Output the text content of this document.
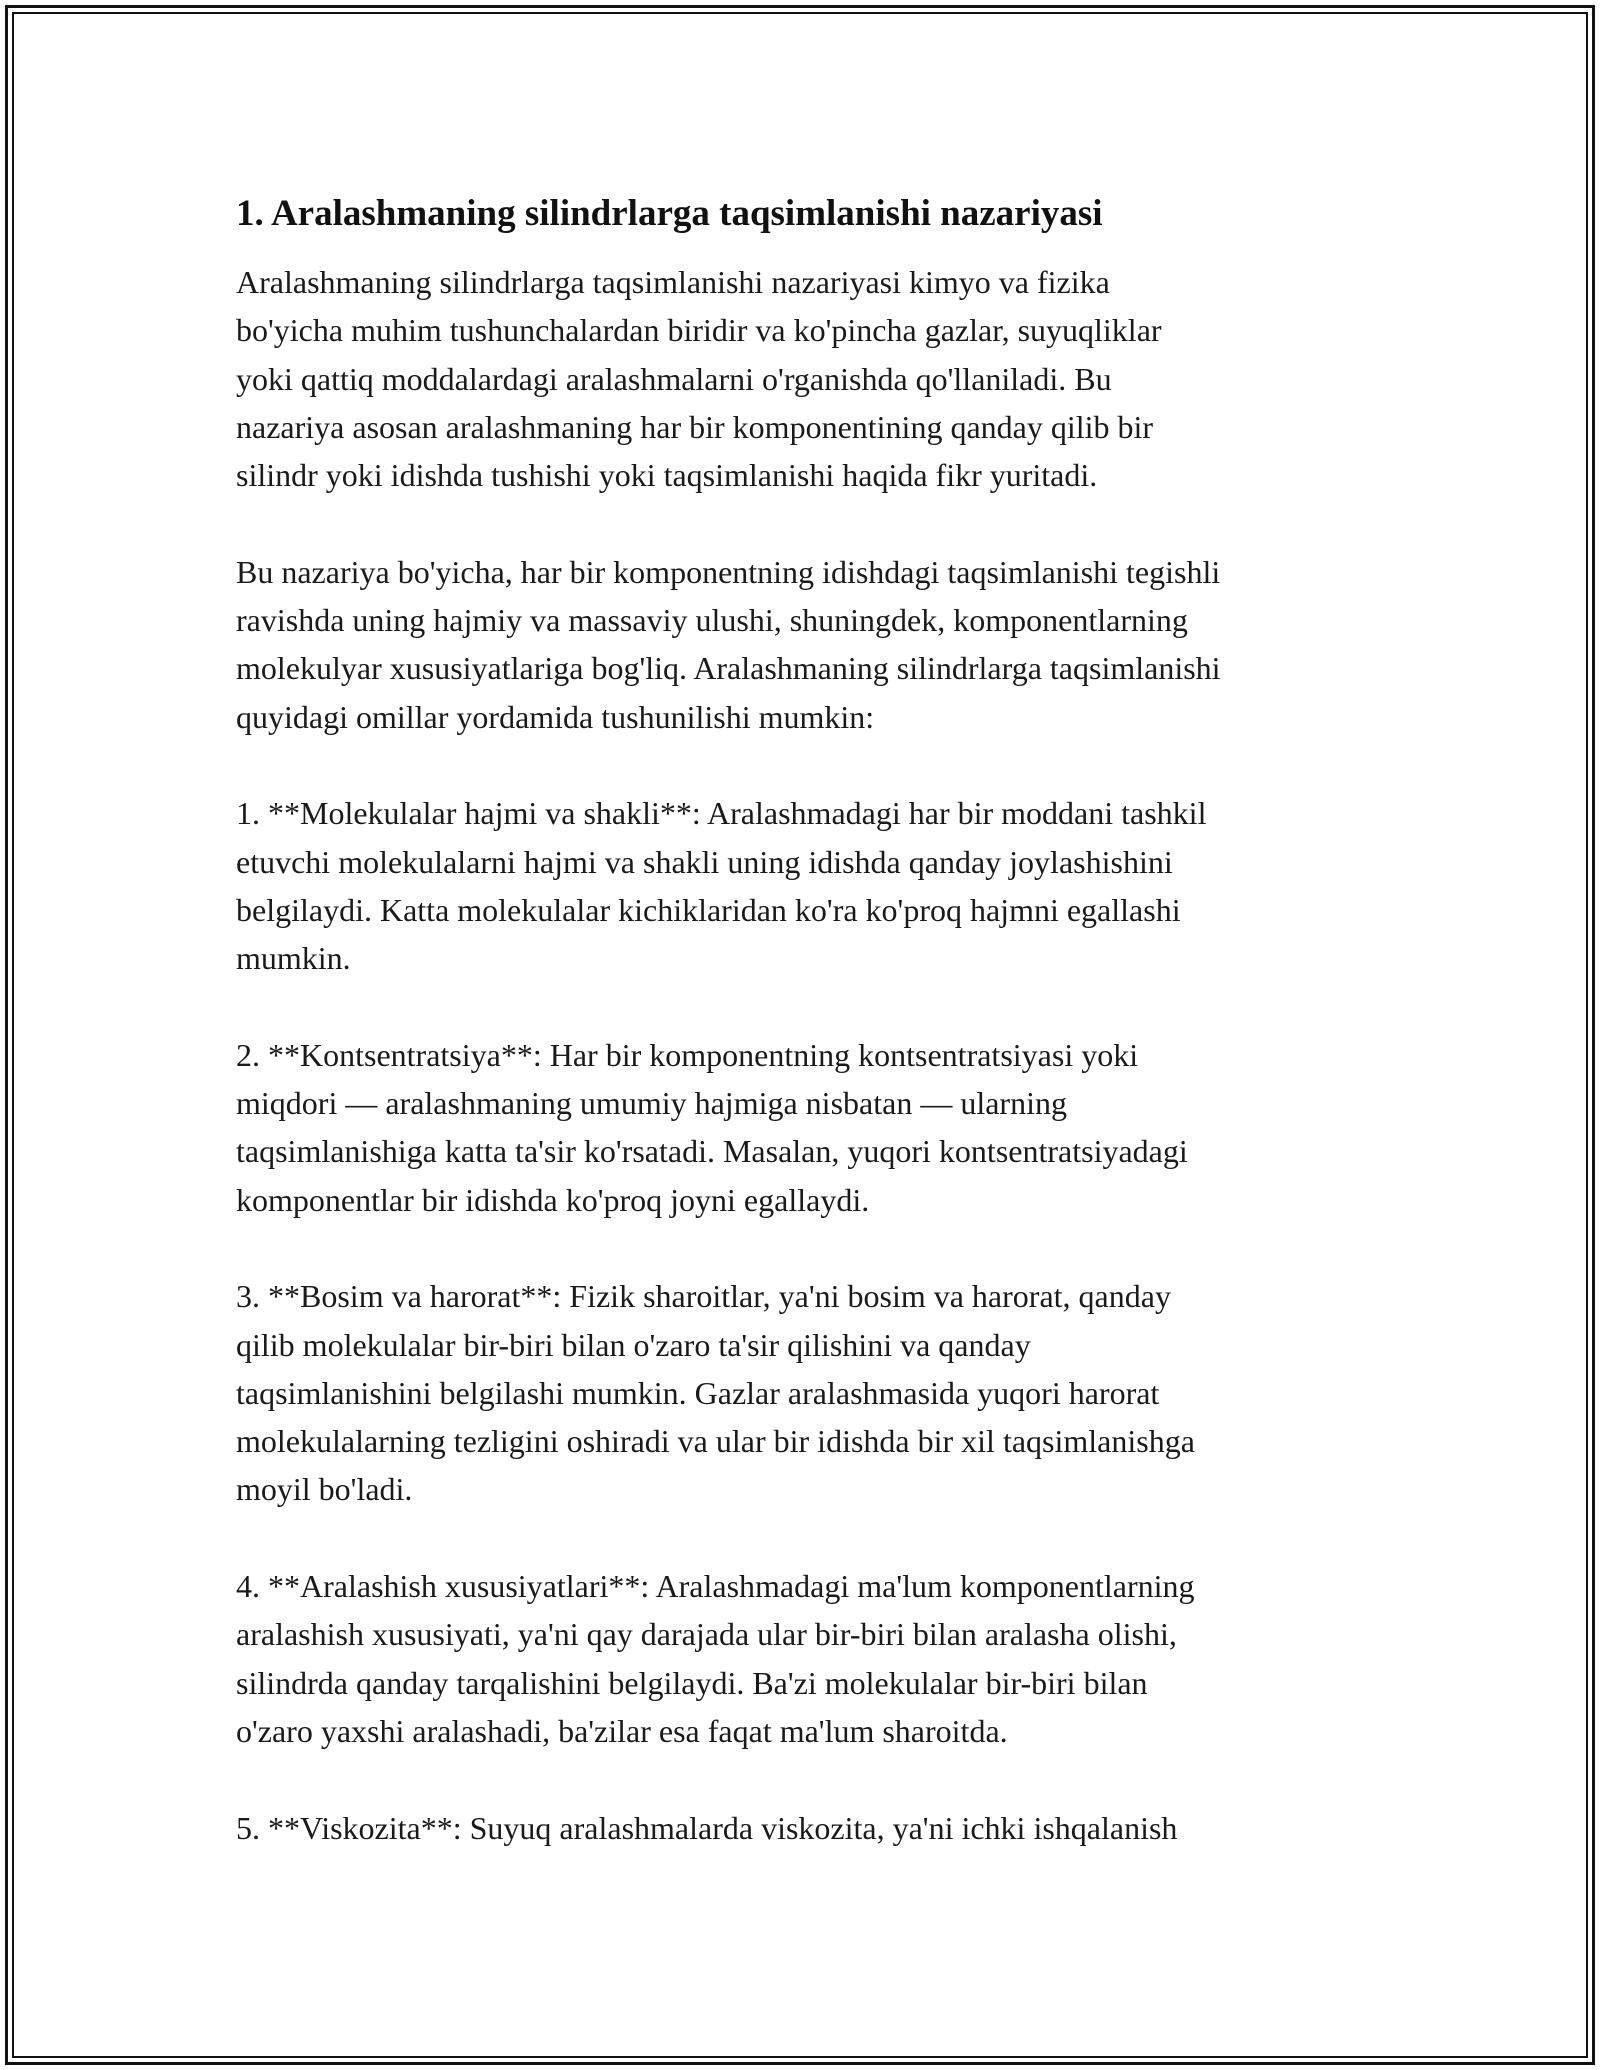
1. Aralashmaning silindrlarga taqsimlanishi nazariyasi

Aralashmaning silindrlarga taqsimlanishi nazariyasi kimyo va fizika
bo'yicha muhim tushunchalardan biridir va ko'pincha gazlar, suyuqliklar
yoki qattiq moddalardagi aralashmalarni o'rganishda qo'llaniladi. Bu
nazariya asosan aralashmaning har bir komponentining qanday qilib bir
silindr yoki idishda tushishi yoki taqsimlanishi haqida fikr yuritadi.

Bu nazariya bo'yicha, har bir komponentning idishdagi taqsimlanishi tegishli
ravishda uning hajmiy va massaviy ulushi, shuningdek, komponentlarning
molekulyar xususiyatlariga bog'liq. Aralashmaning silindrlarga taqsimlanishi
quyidagi omillar yordamida tushunilishi mumkin:

1. **Molekulalar hajmi va shakli**: Aralashmadagi har bir moddani tashkil
etuvchi molekulalarni hajmi va shakli uning idishda qanday joylashishini
belgilaydi. Katta molekulalar kichiklaridan ko'ra ko'proq hajmni egallashi
mumkin.

2. **Kontsentratsiya**: Har bir komponentning kontsentratsiyasi yoki
miqdori — aralashmaning umumiy hajmiga nisbatan — ularning
taqsimlanishiga katta ta'sir ko'rsatadi. Masalan, yuqori kontsentratsiyadagi
komponentlar bir idishda ko'proq joyni egallaydi.

3. **Bosim va harorat**: Fizik sharoitlar, ya'ni bosim va harorat, qanday
qilib molekulalar bir-biri bilan o'zaro ta'sir qilishini va qanday
taqsimlanishini belgilashi mumkin. Gazlar aralashmasida yuqori harorat
molekulalarning tezligini oshiradi va ular bir idishda bir xil taqsimlanishga
moyil bo'ladi.

4. **Aralashish xususiyatlari**: Aralashmadagi ma'lum komponentlarning
aralashish xususiyati, ya'ni qay darajada ular bir-biri bilan aralasha olishi,
silindrda qanday tarqalishini belgilaydi. Ba'zi molekulalar bir-biri bilan
o'zaro yaxshi aralashadi, ba'zilar esa faqat ma'lum sharoitda.

5. **Viskozita**: Suyuq aralashmalarda viskozita, ya'ni ichki ishqalanish
